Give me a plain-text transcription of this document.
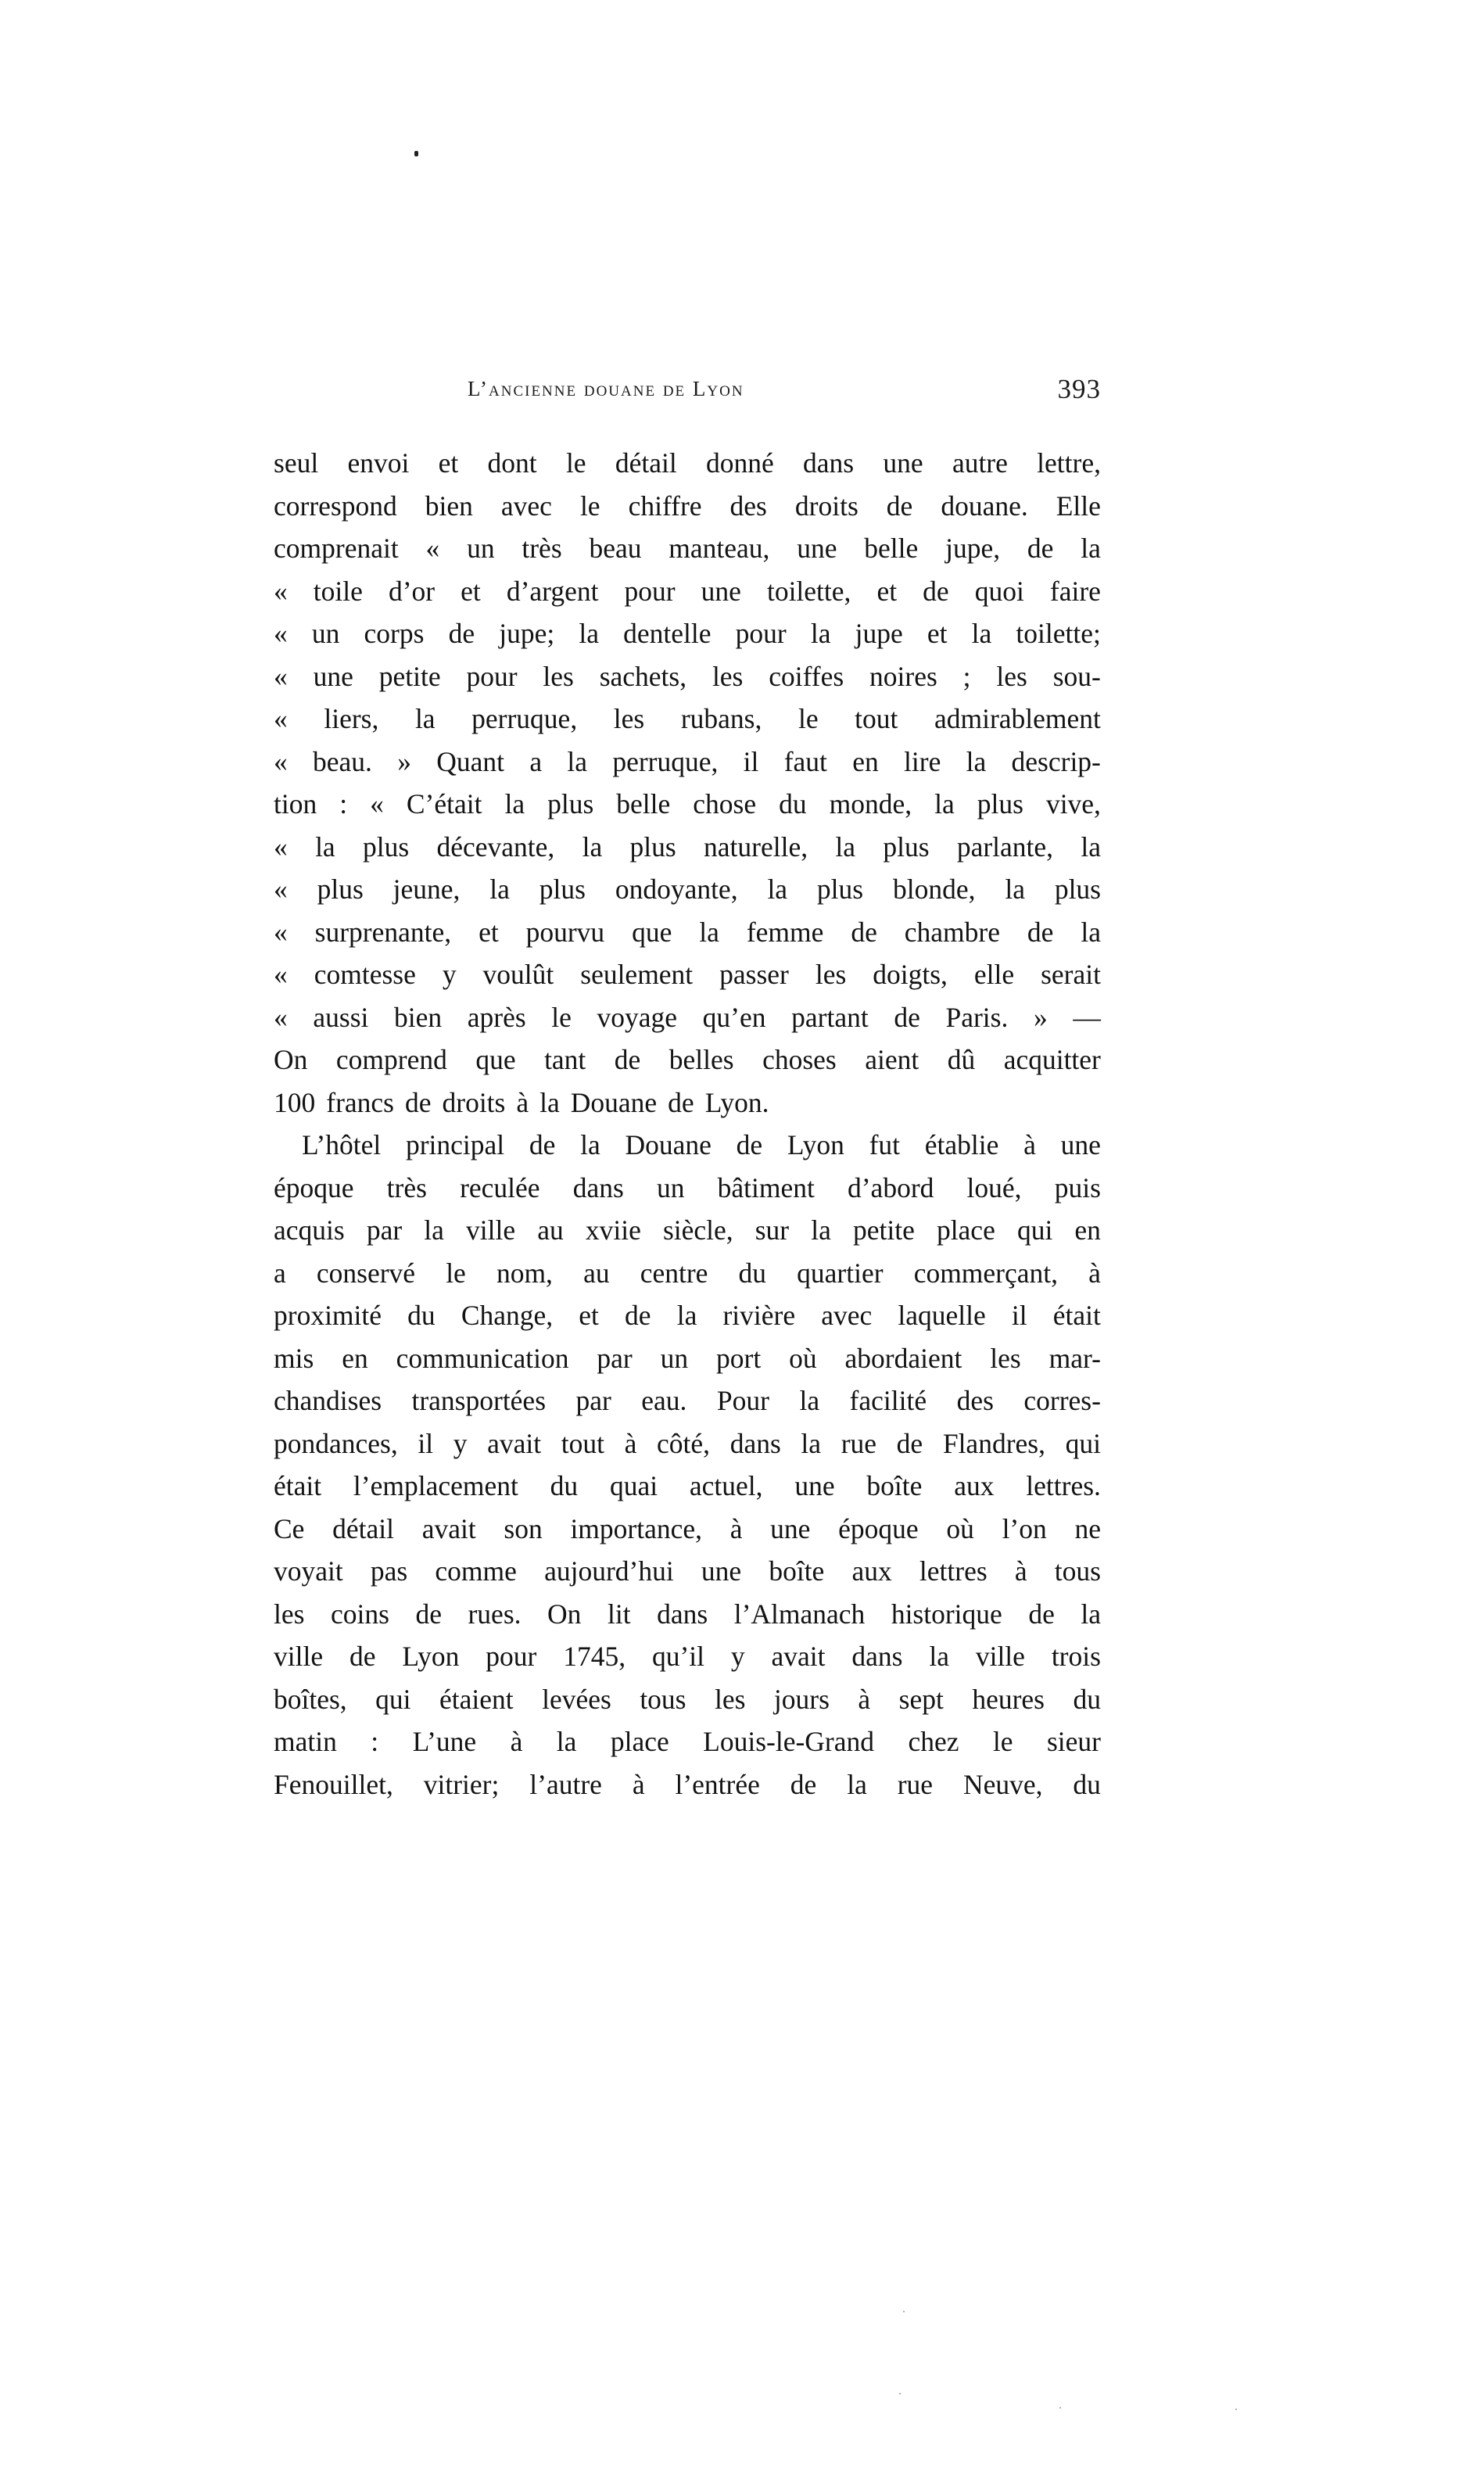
L’ancienne douane de Lyon	393
seul envoi et dont le détail donné dans une autre lettre,
correspond bien avec le chiffre des droits de douane. Elle
comprenait « un très beau manteau, une belle jupe, de la
« toile d’or et d’argent pour une toilette, et de quoi faire
« un corps de jupe; la dentelle pour la jupe et la toilette;
« une petite pour les sachets, les coiffes noires ; les sou-
« liers, la perruque, les rubans, le tout admirablement
« beau. » Quant a la perruque, il faut en lire la descrip-
tion : « C’était la plus belle chose du monde, la plus vive,
« la plus décevante, la plus naturelle, la plus parlante, la
« plus jeune, la plus ondoyante, la plus blonde, la plus
« surprenante, et pourvu que la femme de chambre de la
« comtesse y voulût seulement passer les doigts, elle serait
« aussi bien après le voyage qu’en partant de Paris. » —
On comprend que tant de belles choses aient dû acquitter
100 francs de droits à la Douane de Lyon.
L’hôtel principal de la Douane de Lyon fut établie à une
époque très reculée dans un bâtiment d’abord loué, puis
acquis par la ville au xviie siècle, sur la petite place qui en
a conservé le nom, au centre du quartier commerçant, à
proximité du Change, et de la rivière avec laquelle il était
mis en communication par un port où abordaient les mar-
chandises transportées par eau. Pour la facilité des corres-
pondances, il y avait tout à côté, dans la rue de Flandres, qui
était l’emplacement du quai actuel, une boîte aux lettres.
Ce détail avait son importance, à une époque où l’on ne
voyait pas comme aujourd’hui une boîte aux lettres à tous
les coins de rues. On lit dans l’Almanach historique de la
ville de Lyon pour 1745, qu’il y avait dans la ville trois
boîtes, qui étaient levées tous les jours à sept heures du
matin : L’une à la place Louis-le-Grand chez le sieur
Fenouillet, vitrier; l’autre à l’entrée de la rue Neuve, du
